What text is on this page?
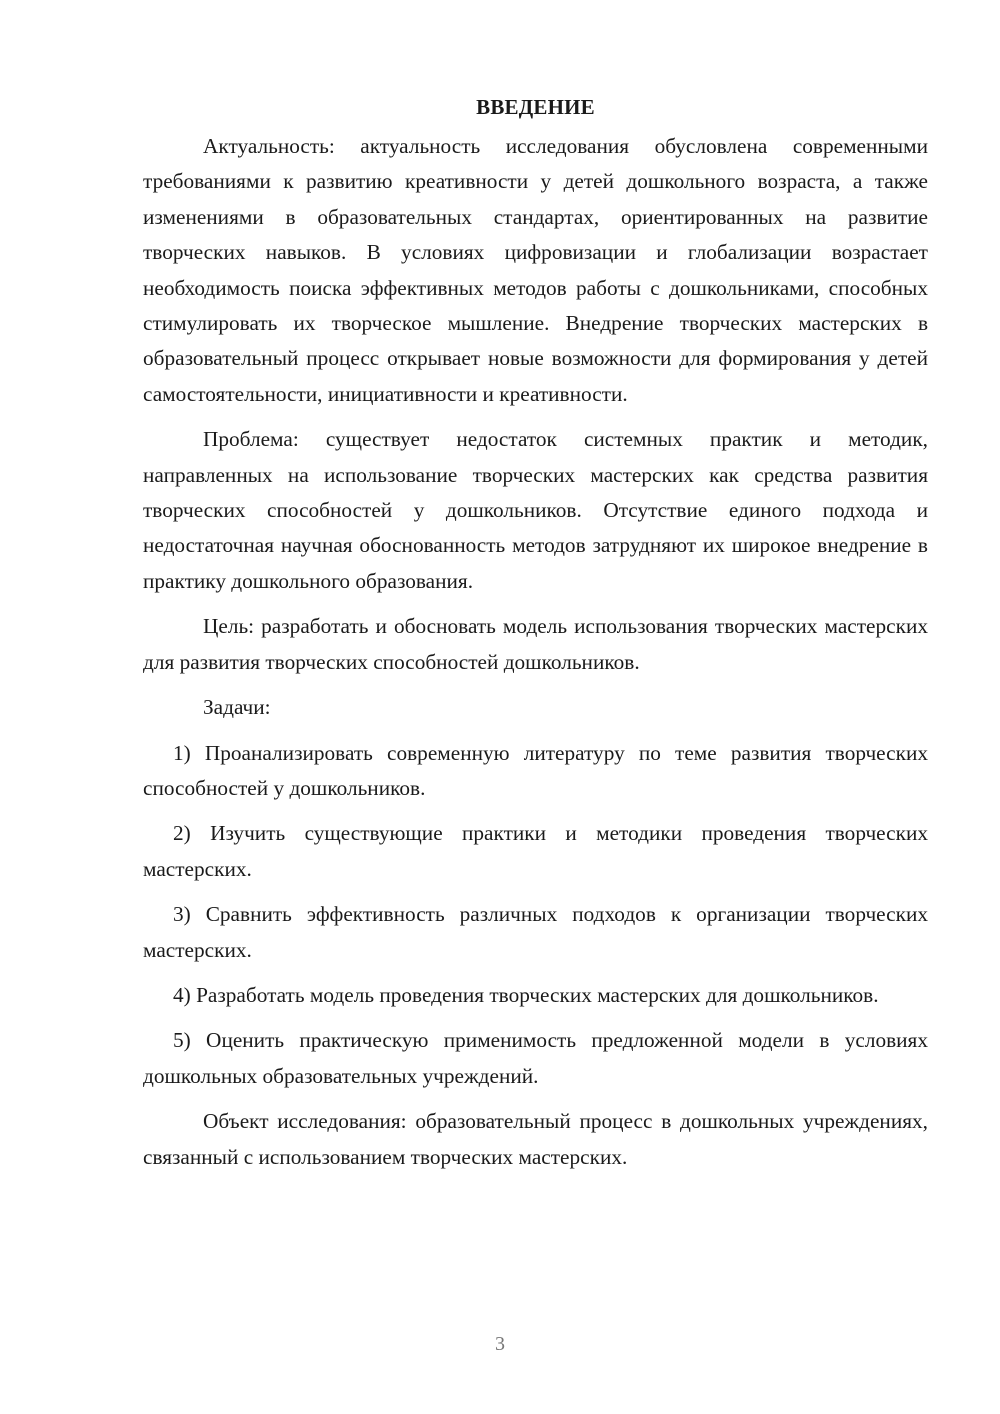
ВВЕДЕНИЕ

Актуальность: актуальность исследования обусловлена современными требованиями к развитию креативности у детей дошкольного возраста, а также изменениями в образовательных стандартах, ориентированных на развитие творческих навыков. В условиях цифровизации и глобализации возрастает необходимость поиска эффективных методов работы с дошкольниками, способных стимулировать их творческое мышление. Внедрение творческих мастерских в образовательный процесс открывает новые возможности для формирования у детей самостоятельности, инициативности и креативности.

Проблема: существует недостаток системных практик и методик, направленных на использование творческих мастерских как средства развития творческих способностей у дошкольников. Отсутствие единого подхода и недостаточная научная обоснованность методов затрудняют их широкое внедрение в практику дошкольного образования.

Цель: разработать и обосновать модель использования творческих мастерских для развития творческих способностей дошкольников.

Задачи:

1) Проанализировать современную литературу по теме развития творческих способностей у дошкольников.

2) Изучить существующие практики и методики проведения творческих мастерских.

3) Сравнить эффективность различных подходов к организации творческих мастерских.

4) Разработать модель проведения творческих мастерских для дошкольников.

5) Оценить практическую применимость предложенной модели в условиях дошкольных образовательных учреждений.

Объект исследования: образовательный процесс в дошкольных учреждениях, связанный с использованием творческих мастерских.

3
